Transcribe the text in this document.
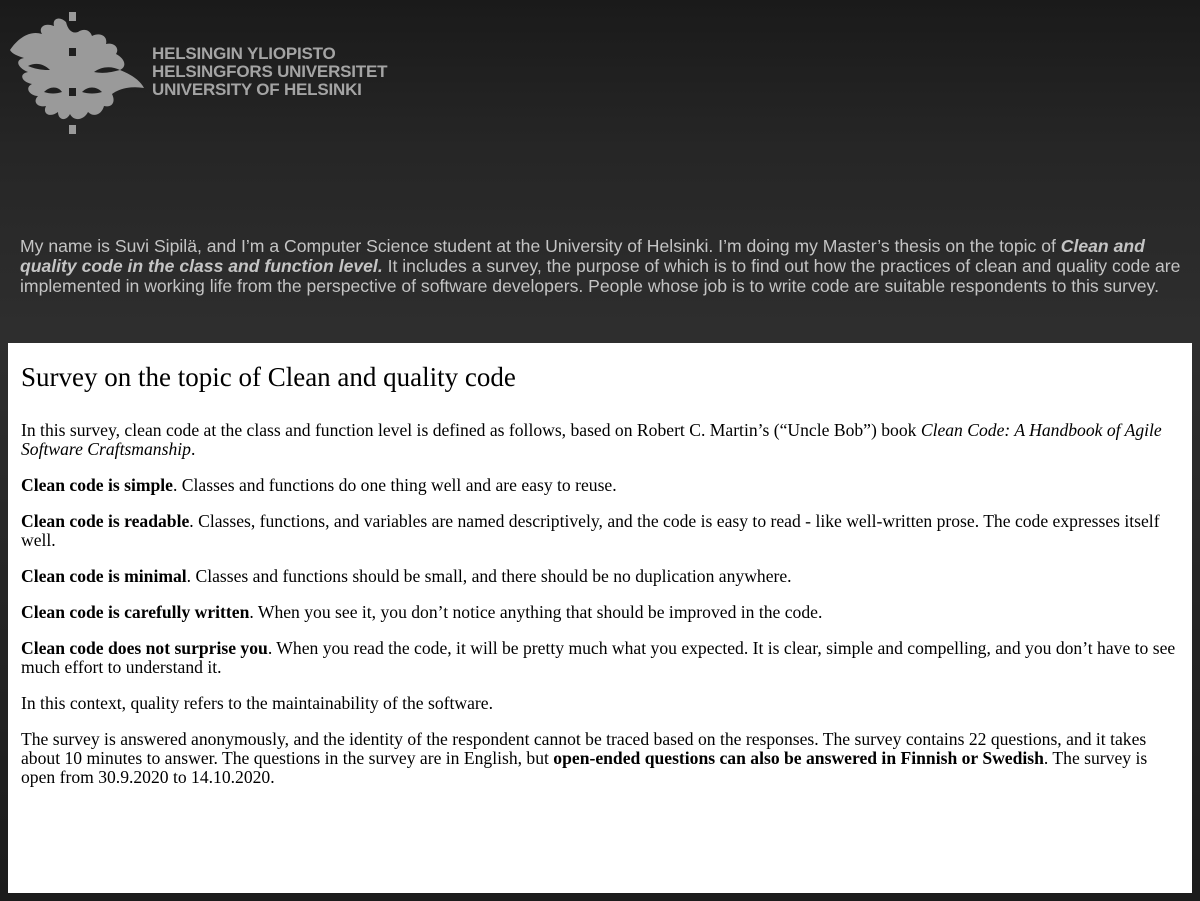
HELSINGIN YLIOPISTO
HELSINGFORS UNIVERSITET
UNIVERSITY OF HELSINKI
My name is Suvi Sipilä, and I’m a Computer Science student at the University of Helsinki. I’m doing my Master’s thesis on the topic of Clean and quality code in the class and function level. It includes a survey, the purpose of which is to find out how the practices of clean and quality code are implemented in working life from the perspective of software developers. People whose job is to write code are suitable respondents to this survey.
Survey on the topic of Clean and quality code

In this survey, clean code at the class and function level is defined as follows, based on Robert C. Martin’s (“Uncle Bob”) book Clean Code: A Handbook of Agile Software Craftsmanship.

Clean code is simple. Classes and functions do one thing well and are easy to reuse.

Clean code is readable. Classes, functions, and variables are named descriptively, and the code is easy to read - like well-written prose. The code expresses itself well.

Clean code is minimal. Classes and functions should be small, and there should be no duplication anywhere.

Clean code is carefully written. When you see it, you don’t notice anything that should be improved in the code.

Clean code does not surprise you. When you read the code, it will be pretty much what you expected. It is clear, simple and compelling, and you don’t have to see much effort to understand it.

In this context, quality refers to the maintainability of the software.

The survey is answered anonymously, and the identity of the respondent cannot be traced based on the responses. The survey contains 22 questions, and it takes about 10 minutes to answer. The questions in the survey are in English, but open-ended questions can also be answered in Finnish or Swedish. The survey is open from 30.9.2020 to 14.10.2020.
